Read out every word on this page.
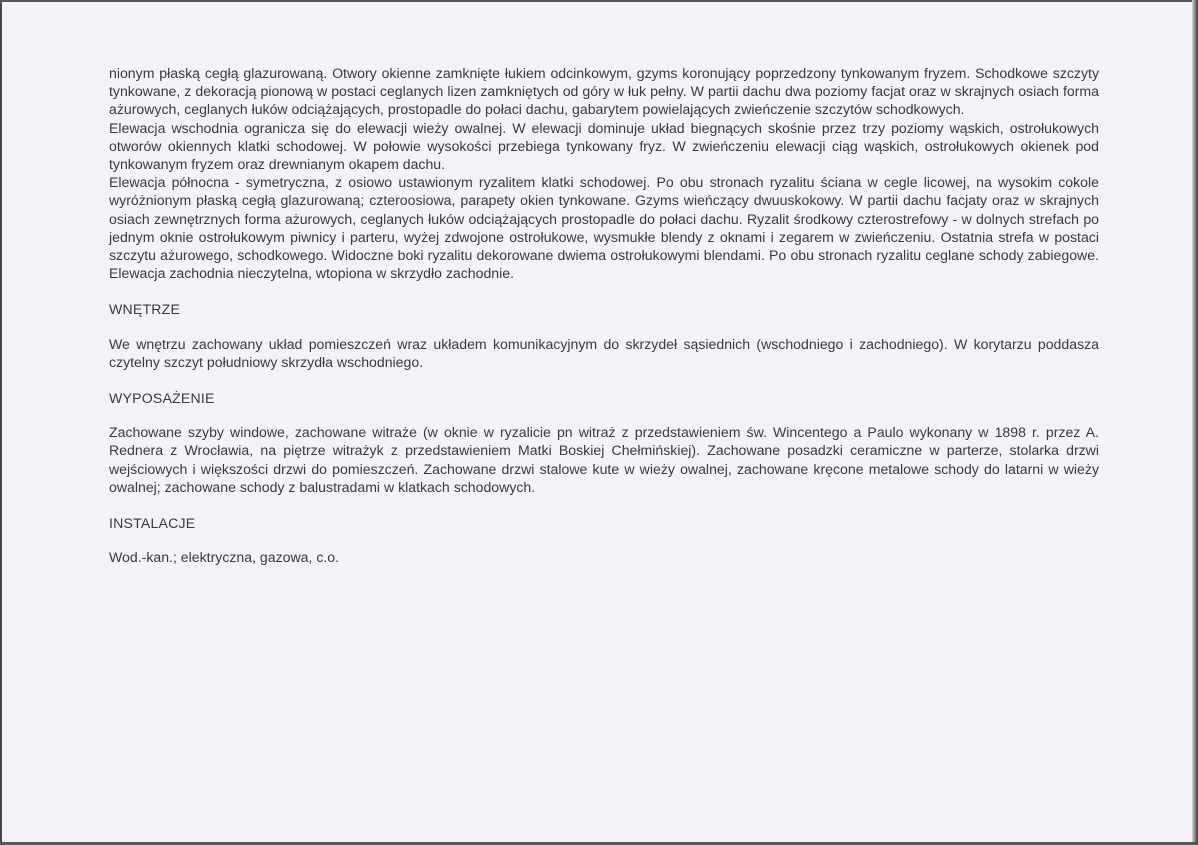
nionym płaską cegłą glazurowaną. Otwory okienne zamknięte łukiem odcinkowym, gzyms koronujący poprzedzony tynkowanym fryzem. Schodkowe szczyty tynkowane, z dekoracją pionową w postaci ceglanych lizen zamkniętych od góry w łuk pełny. W partii dachu dwa poziomy facjat oraz w skrajnych osiach forma ażurowych, ceglanych łuków odciążających, prostopadle do połaci dachu, gabarytem powielających zwieńczenie szczytów schodkowych.

Elewacja wschodnia ogranicza się do elewacji wieży owalnej. W elewacji dominuje układ biegnących skośnie przez trzy poziomy wąskich, ostrołukowych otworów okiennych klatki schodowej. W połowie wysokości przebiega tynkowany fryz. W zwieńczeniu elewacji ciąg wąskich, ostrołukowych okienek pod tynkowanym fryzem oraz drewnianym okapem dachu.

Elewacja północna - symetryczna, z osiowo ustawionym ryzalitem klatki schodowej. Po obu stronach ryzalitu ściana w cegle licowej, na wysokim cokole wyróżnionym płaską cegłą glazurowaną; czteroosiowa, parapety okien tynkowane. Gzyms wieńczący dwuuskokowy. W partii dachu facjaty oraz w skrajnych osiach zewnętrznych forma ażurowych, ceglanych łuków odciążających prostopadle do połaci dachu. Ryzalit środkowy czterostrefowy - w dolnych strefach po jednym oknie ostrołukowym piwnicy i parteru, wyżej zdwojone ostrołukowe, wysmukłe blendy z oknami i zegarem w zwieńczeniu. Ostatnia strefa w postaci szczytu ażurowego, schodkowego. Widoczne boki ryzalitu dekorowane dwiema ostrołukowymi blendami. Po obu stronach ryzalitu ceglane schody zabiegowe. Elewacja zachodnia nieczytelna, wtopiona w skrzydło zachodnie.

WNĘTRZE

We wnętrzu zachowany układ pomieszczeń wraz układem komunikacyjnym do skrzydeł sąsiednich (wschodniego i zachodniego). W korytarzu poddasza czytelny szczyt południowy skrzydła wschodniego.

WYPOSAŻENIE

Zachowane szyby windowe, zachowane witraże (w oknie w ryzalicie pn witraż z przedstawieniem św. Wincentego a Paulo wykonany w 1898 r. przez A. Rednera z Wrocławia, na piętrze witrażyk z przedstawieniem Matki Boskiej Chełmińskiej). Zachowane posadzki ceramiczne w parterze, stolarka drzwi wejściowych i większości drzwi do pomieszczeń. Zachowane drzwi stalowe kute w wieży owalnej, zachowane kręcone metalowe schody do latarni w wieży owalnej; zachowane schody z balustradami w klatkach schodowych.

INSTALACJE

Wod.-kan.; elektryczna, gazowa, c.o.
